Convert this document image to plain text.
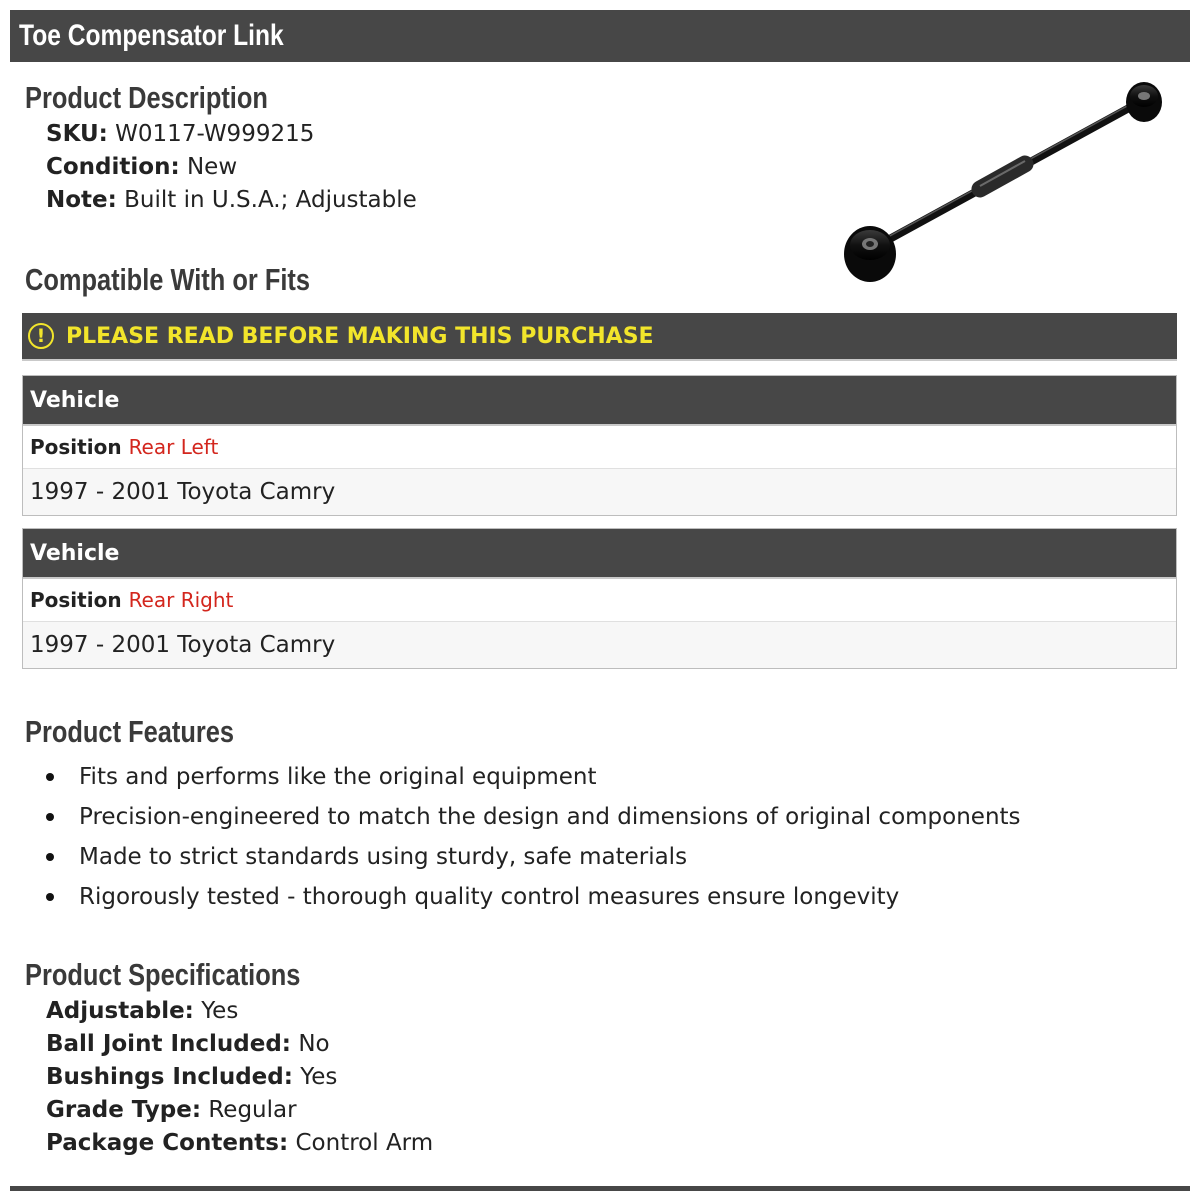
Toe Compensator Link
Product Description
SKU: W0117-W999215
Condition: New
Note: Built in U.S.A.; Adjustable
Compatible With or Fits
! PLEASE READ BEFORE MAKING THIS PURCHASE
Vehicle
Position Rear Left
1997 - 2001 Toyota Camry
Vehicle
Position Rear Right
1997 - 2001 Toyota Camry
Product Features
Fits and performs like the original equipment
Precision-engineered to match the design and dimensions of original components
Made to strict standards using sturdy, safe materials
Rigorously tested - thorough quality control measures ensure longevity
Product Specifications
Adjustable: Yes
Ball Joint Included: No
Bushings Included: Yes
Grade Type: Regular
Package Contents: Control Arm
